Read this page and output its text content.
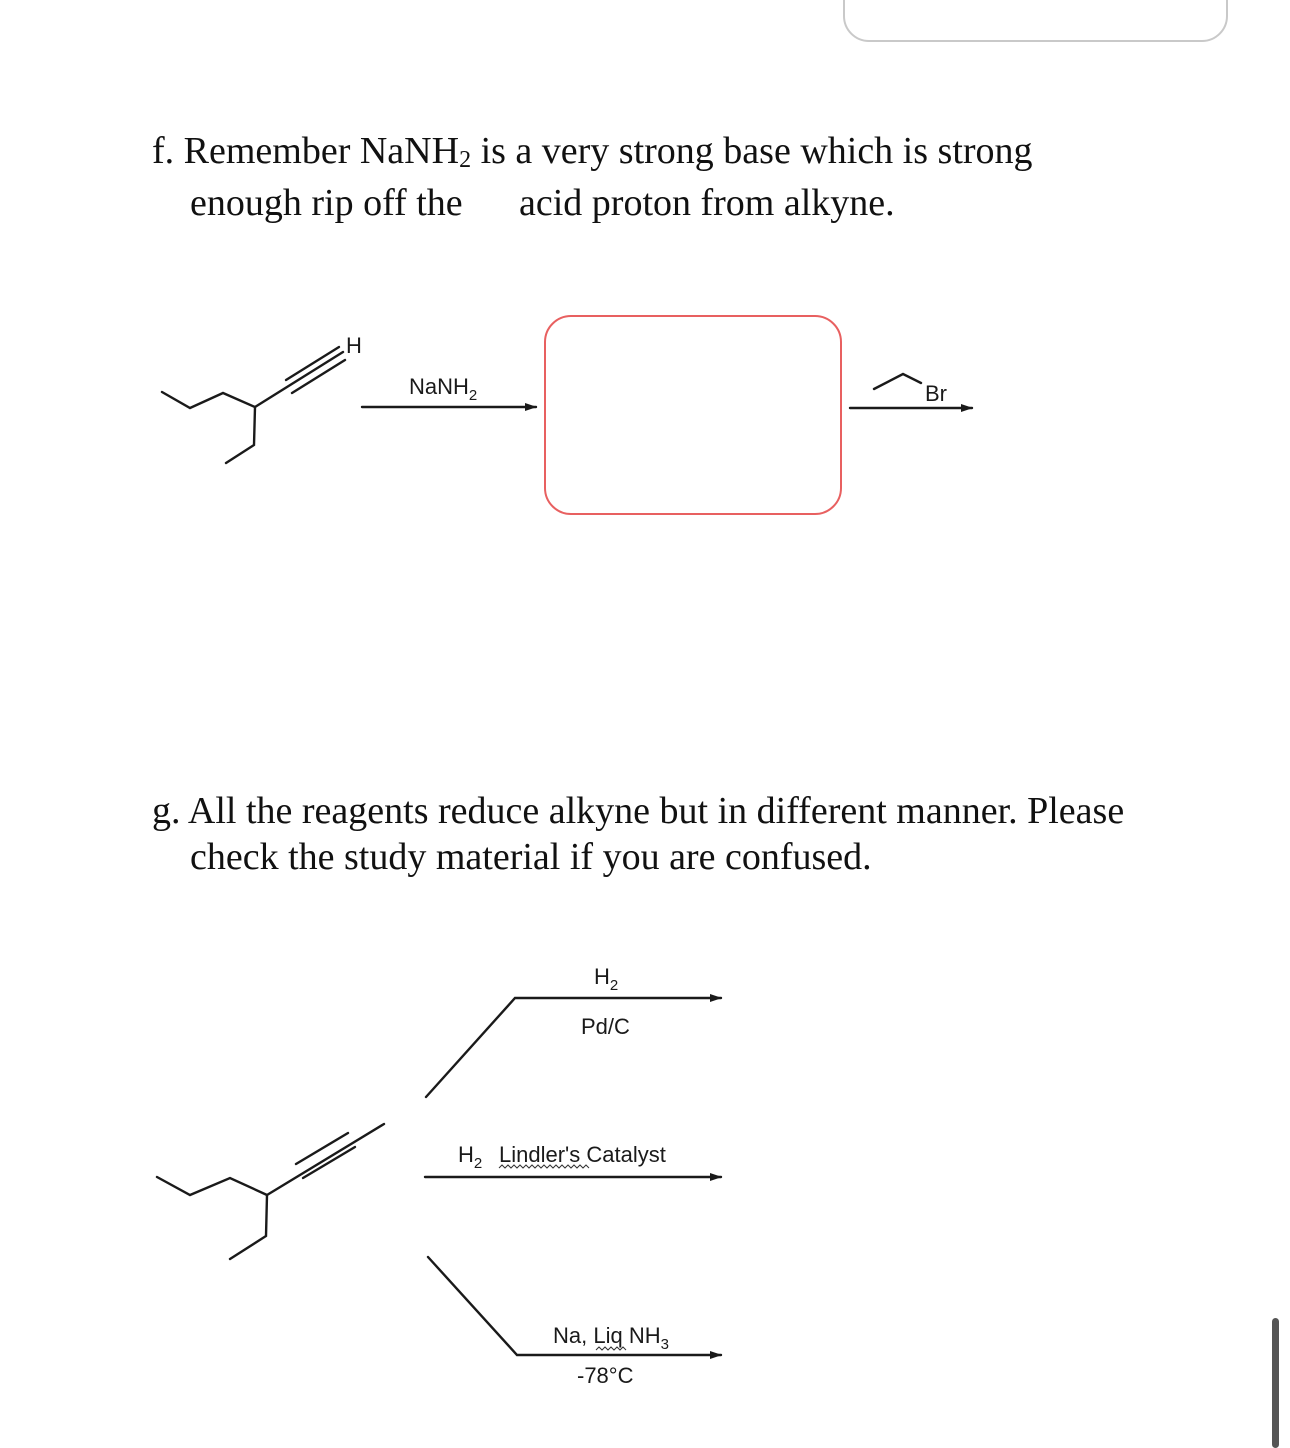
f. Remember NaNH$_2$ is a very strong base which is strong
enough rip off the acid proton from alkyne.
g. All the reagents reduce alkyne but in different manner. Please
check the study material if you are confused.
H
NaNH$_2$	Br
$H_2$
Pd/C
$H_2$ Lindler's Catalyst
Na, Liq $NH_3$
-78°C
